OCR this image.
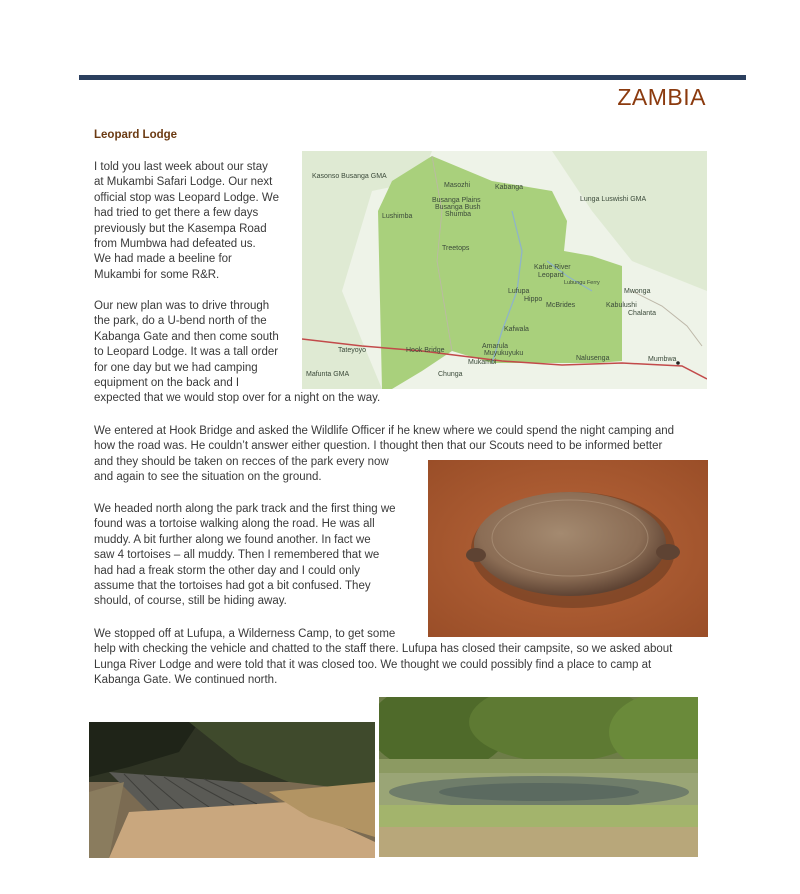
ZAMBIA
Leopard Lodge

I told you last week about our stay

at Mukambi Safari Lodge. Our next

official stop was Leopard Lodge. We

had tried to get there a few days

previously but the Kasempa Road

from Mumbwa had defeated us.

We had made a beeline for

Mukambi for some R&R.

Our new plan was to drive through

the park, do a U-bend north of the

Kabanga Gate and then come south

to Leopard Lodge. It was a tall order

for one day but we had camping

equipment on the back and I

expected that we would stop over for a night on the way.

We entered at Hook Bridge and asked the Wildlife Officer if he knew where we could spend the night camping and

how the road was. He couldn’t answer either question. I thought then that our Scouts need to be informed better

and they should be taken on recces of the park every now

and again to see the situation on the ground.

We headed north along the park track and the first thing we

found was a tortoise walking along the road. He was all

muddy. A bit further along we found another. In fact we

saw 4 tortoises – all muddy. Then I remembered that we

had had a freak storm the other day and I could only

assume that the tortoises had got a bit confused. They

should, of course, still be hiding away.

We stopped off at Lufupa, a Wilderness Camp, to get some

help with checking the vehicle and chatted to the staff there. Lufupa has closed their campsite, so we asked about

Lunga River Lodge and were told that it was closed too. We thought we could possibly find a place to camp at

Kabanga Gate. We continued north.

Kasonso Busanga GMA
Masozhi	Kabanga
Busanga Plains
Busanga Bush
Shumba
Lushimba
Lunga Luswishi GMA
Treetops
Kafue River
Leopard
Lubungu Ferry
Mwonga
Lufupa
Hippo
McBrides	Kabulushi
Chalanta
Kafwala
Tateyoyo	Hook Bridge
Amarula
Muyukuyuku
Mukambi
Chunga
Nalusenga	Mumbwa
Mafunta GMA
